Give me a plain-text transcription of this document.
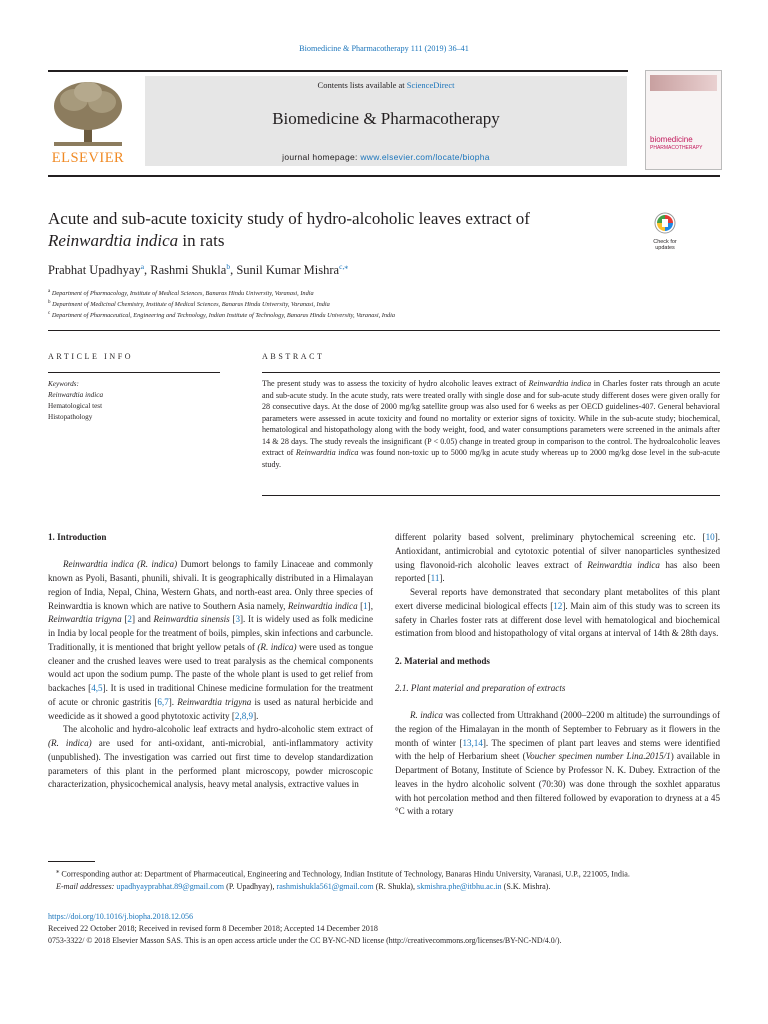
Biomedicine & Pharmacotherapy 111 (2019) 36–41
ELSEVIER
Contents lists available at ScienceDirect
Biomedicine & Pharmacotherapy
journal homepage: www.elsevier.com/locate/biopha
biomedicine
PHARMACOTHERAPY
Acute and sub-acute toxicity study of hydro-alcoholic leaves extract of
Reinwardtia indica in rats	Check for
updates
Prabhat Upadhyay$^a$, Rashmi Shukla$^b$, Sunil Kumar Mishra$^{c,⁎}$
$^a$ Department of Pharmacology, Institute of Medical Sciences, Banaras Hindu University, Varanasi, India
$^b$ Department of Medicinal Chemistry, Institute of Medical Sciences, Banaras Hindu University, Varanasi, India
$^c$ Department of Pharmaceutical, Engineering and Technology, Indian Institute of Technology, Banaras Hindu University, Varanasi, India
ARTICLE INFO
Keywords:
Reinwardtia indica
Hematological test
Histopathology
ABSTRACT
The present study was to assess the toxicity of hydro alcoholic leaves extract of Reinwardtia indica in Charles foster rats through an acute and sub-acute study. In the acute study, rats were treated orally with single dose and for sub-acute study different doses were given orally for 28 consecutive days. At the dose of 2000 mg/kg satellite group was also used for 6 weeks as per OECD guidelines-407. General behavioral parameters were assessed in acute toxicity and found no mortality or exterior signs of toxicity. While in the sub-acute study; biochemical, hematological and histopathology along with the body weight, food, and water consumptions parameters were screened in the animals after 14 & 28 days. The study reveals the insignificant (P < 0.05) change in treated group in comparison to the control. The hydroalcoholic leaves extract of Reinwardtia indica was found non-toxic up to 5000 mg/kg in acute study whereas up to 2000 mg/kg dose level in the sub-acute study.
1. Introduction

Reinwardtia indica (R. indica) Dumort belongs to family Linaceae and commonly known as Pyoli, Basanti, phunili, shivali. It is geographically distributed in a Himalayan region of India, Nepal, China, Western Ghats, and north-east area. Only three species of Reinwardtia is known which are native to Southern Asia namely, Reinwardtia indica [1], Reinwardtia trigyna [2] and Reinwardtia sinensis [3]. It is widely used as folk medicine in India by local people for the treatment of boils, pimples, skin infections and carbuncle. Traditionally, it is mentioned that bright yellow petals of (R. indica) were used as tongue cleaner and the crushed leaves were used to treat paralysis as the chemical components would act upon the sodium pump. The paste of the whole plant is used to get relief from backaches [4,5]. It is used in traditional Chinese medicine formulation for the treatment of acute or chronic gastritis [6,7]. Reinwardtia trigyna is used as natural herbicide and weedicide as it showed a good phytotoxic activity [2,8,9].

The alcoholic and hydro-alcoholic leaf extracts and hydro-alcoholic stem extract of (R. indica) are used for anti-oxidant, anti-microbial, anti-inflammatory activity (unpublished). The investigation was carried out first time to develop standardization parameters of this plant in the performed plant microscopy, powder microscopic characterization, physicochemical analysis, heavy metal analysis, extractive values in

different polarity based solvent, preliminary phytochemical screening etc. [10]. Antioxidant, antimicrobial and cytotoxic potential of silver nanoparticles synthesized using flavonoid-rich alcoholic leaves extract of Reinwardtia indica has also been reported [11].

Several reports have demonstrated that secondary plant metabolites of this plant exert diverse medicinal biological effects [12]. Main aim of this study was to screen its safety in Charles foster rats at different dose level with hematological and biochemical estimation from blood and histopathology of vital organs at interval of 14th & 28th days.

2. Material and methods
2.1. Plant material and preparation of extracts

R. indica was collected from Uttrakhand (2000–2200 m altitude) the surroundings of the region of the Himalayan in the month of September to February as it flowers in the month of winter [13,14]. The specimen of plant part leaves and stems were identified with the help of Herbarium sheet (Voucher specimen number Lina.2015/1) available in Department of Botany, Institute of Science by Professor N. K. Dubey. Extraction of the leaves in the hydro alcoholic solvent (70:30) was done through the soxhlet apparatus with hot percolation method and then filtered followed by evaporation to dryness at a 45 °C with a rotary

⁎ Corresponding author at: Department of Pharmaceutical, Engineering and Technology, Indian Institute of Technology, Banaras Hindu University, Varanasi, U.P., 221005, India.
E-mail addresses: upadhyayprabhat.89@gmail.com (P. Upadhyay), rashmishukla561@gmail.com (R. Shukla), skmishra.phe@itbhu.ac.in (S.K. Mishra).
https://doi.org/10.1016/j.biopha.2018.12.056
Received 22 October 2018; Received in revised form 8 December 2018; Accepted 14 December 2018
0753-3322/ © 2018 Elsevier Masson SAS. This is an open access article under the CC BY-NC-ND license (http://creativecommons.org/licenses/BY-NC-ND/4.0/).
